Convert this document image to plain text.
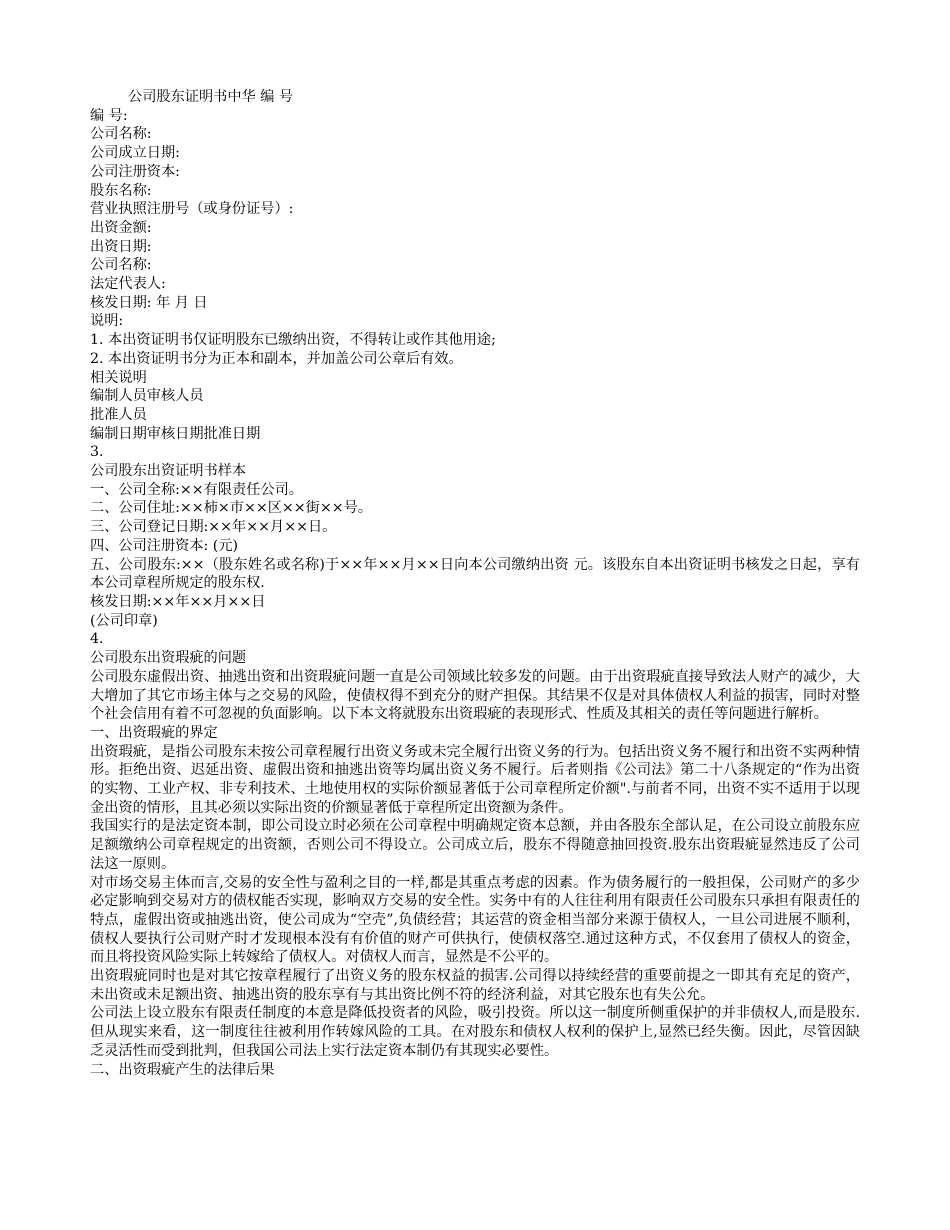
公司股东证明书中华 编 号
编 号:
公司名称:
公司成立日期:
公司注册资本:
股东名称:
营业执照注册号（或身份证号）:
出资金额:
出资日期:
公司名称:
法定代表人:
核发日期: 年 月 日
说明:
1. 本出资证明书仅证明股东已缴纳出资，不得转让或作其他用途;
2. 本出资证明书分为正本和副本，并加盖公司公章后有效。
相关说明
编制人员审核人员
批准人员
编制日期审核日期批准日期
3.
公司股东出资证明书样本
一、公司全称:××有限责任公司。
二、公司住址:××柿×市××区××街××号。
三、公司登记日期:××年××月××日。
四、公司注册资本: (元)
五、公司股东:××（股东姓名或名称)于××年××月××日向本公司缴纳出资 元。该股东自本出资证明书核发之日起，享有本公司章程所规定的股东权.
核发日期:××年××月××日
(公司印章)
4.
公司股东出资瑕疵的问题
公司股东虚假出资、抽逃出资和出资瑕疵问题一直是公司领域比较多发的问题。由于出资瑕疵直接导致法人财产的减少，大大增加了其它市场主体与之交易的风险，使债权得不到充分的财产担保。其结果不仅是对具体债权人利益的损害，同时对整个社会信用有着不可忽视的负面影响。以下本文将就股东出资瑕疵的表现形式、性质及其相关的责任等问题进行解析。
一、出资瑕疵的界定
出资瑕疵，是指公司股东未按公司章程履行出资义务或未完全履行出资义务的行为。包括出资义务不履行和出资不实两种情形。拒绝出资、迟延出资、虚假出资和抽逃出资等均属出资义务不履行。后者则指《公司法》第二十八条规定的“作为出资的实物、工业产权、非专利技术、土地使用权的实际价额显著低于公司章程所定价额".与前者不同，出资不实不适用于以现金出资的情形，且其必须以实际出资的价额显著低于章程所定出资额为条件。
我国实行的是法定资本制，即公司设立时必须在公司章程中明确规定资本总额，并由各股东全部认足，在公司设立前股东应足额缴纳公司章程规定的出资额，否则公司不得设立。公司成立后，股东不得随意抽回投资.股东出资瑕疵显然违反了公司法这一原则。
对市场交易主体而言,交易的安全性与盈利之目的一样,都是其重点考虑的因素。作为债务履行的一般担保，公司财产的多少必定影响到交易对方的债权能否实现，影响双方交易的安全性。实务中有的人往往利用有限责任公司股东只承担有限责任的特点，虚假出资或抽逃出资，使公司成为“空壳”,负债经营；其运营的资金相当部分来源于债权人，一旦公司进展不顺利，债权人要执行公司财产时才发现根本没有有价值的财产可供执行，使债权落空.通过这种方式，不仅套用了债权人的资金，而且将投资风险实际上转嫁给了债权人。对债权人而言，显然是不公平的。
出资瑕疵同时也是对其它按章程履行了出资义务的股东权益的损害.公司得以持续经营的重要前提之一即其有充足的资产，未出资或未足额出资、抽逃出资的股东享有与其出资比例不符的经济利益，对其它股东也有失公允。
公司法上设立股东有限责任制度的本意是降低投资者的风险，吸引投资。所以这一制度所侧重保护的并非债权人,而是股东.但从现实来看，这一制度往往被利用作转嫁风险的工具。在对股东和债权人权利的保护上,显然已经失衡。因此，尽管因缺乏灵活性而受到批判，但我国公司法上实行法定资本制仍有其现实必要性。
二、出资瑕疵产生的法律后果
